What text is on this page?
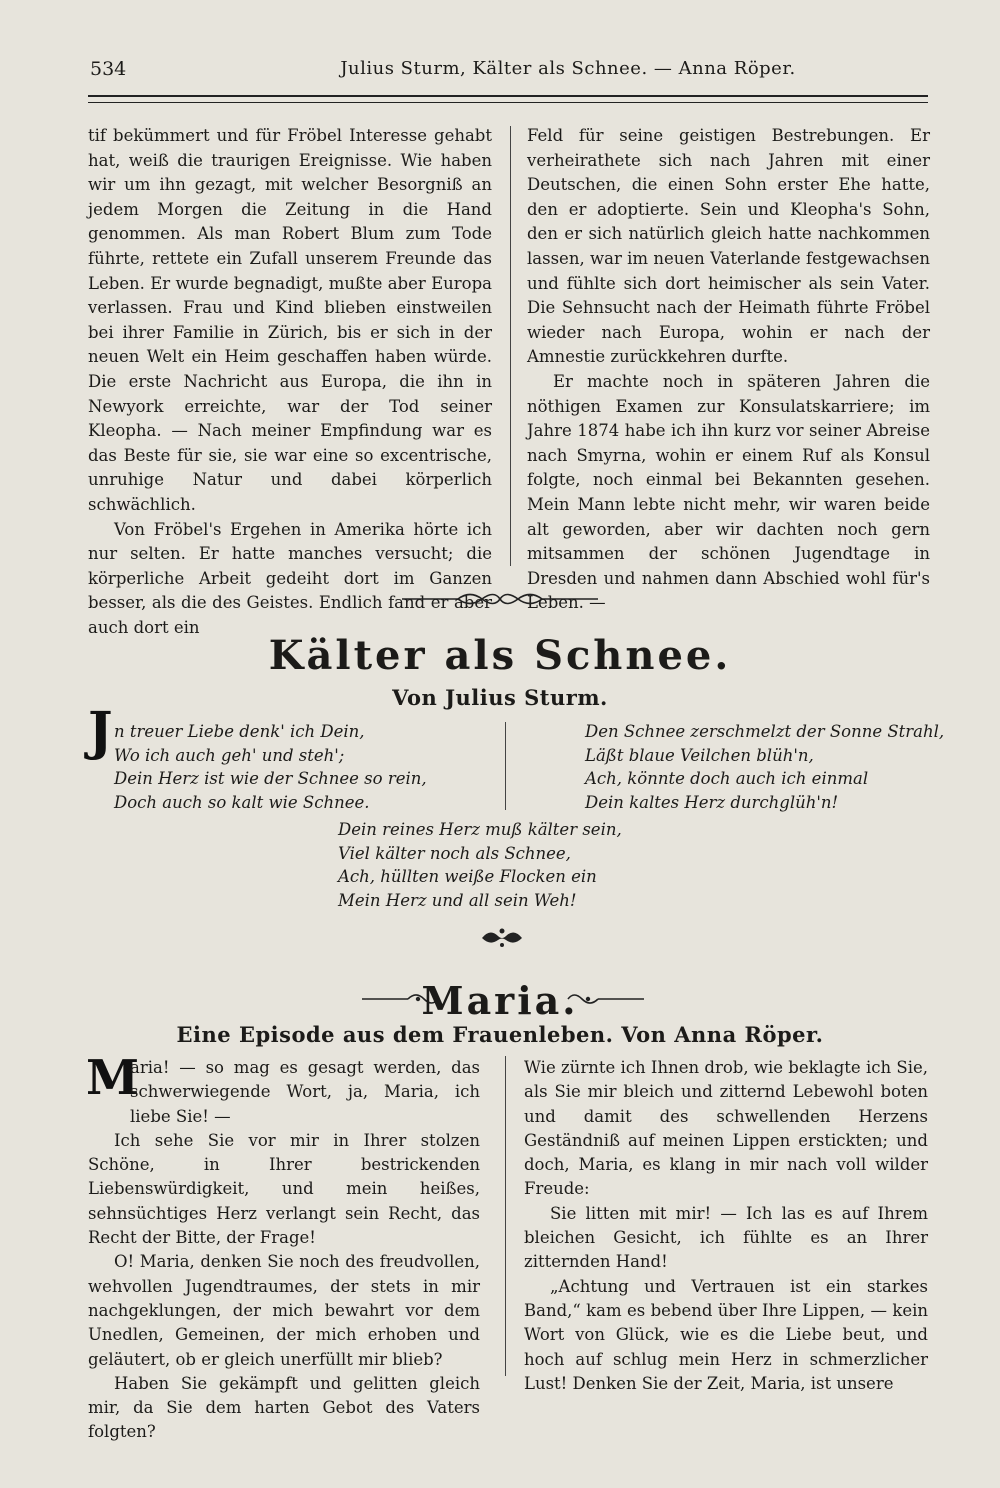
534	Julius Sturm, Kälter als Schnee. — Anna Röper.

tif bekümmert und für Fröbel Interesse gehabt hat, weiß die traurigen Ereignisse. Wie haben wir um ihn gezagt, mit welcher Besorgniß an jedem Morgen die Zeitung in die Hand genommen. Als man Robert Blum zum Tode führte, rettete ein Zufall unserem Freunde das Leben. Er wurde begnadigt, mußte aber Europa verlassen. Frau und Kind blieben einstweilen bei ihrer Familie in Zürich, bis er sich in der neuen Welt ein Heim geschaffen haben würde. Die erste Nachricht aus Europa, die ihn in Newyork erreichte, war der Tod seiner Kleopha. — Nach meiner Empfindung war es das Beste für sie, sie war eine so excentrische, unruhige Natur und dabei körperlich schwächlich.

Von Fröbel's Ergehen in Amerika hörte ich nur selten. Er hatte manches versucht; die körperliche Arbeit gedeiht dort im Ganzen besser, als die des Geistes. Endlich fand er aber auch dort ein

Feld für seine geistigen Bestrebungen. Er verheirathete sich nach Jahren mit einer Deutschen, die einen Sohn erster Ehe hatte, den er adoptierte. Sein und Kleopha's Sohn, den er sich natürlich gleich hatte nachkommen lassen, war im neuen Vaterlande festgewachsen und fühlte sich dort heimischer als sein Vater. Die Sehnsucht nach der Heimath führte Fröbel wieder nach Europa, wohin er nach der Amnestie zurückkehren durfte.

Er machte noch in späteren Jahren die nöthigen Examen zur Konsulatskarriere; im Jahre 1874 habe ich ihn kurz vor seiner Abreise nach Smyrna, wohin er einem Ruf als Konsul folgte, noch einmal bei Bekannten gesehen. Mein Mann lebte nicht mehr, wir waren beide alt geworden, aber wir dachten noch gern mitsammen der schönen Jugendtage in Dresden und nahmen dann Abschied wohl für's Leben. —

Kälter als Schnee.
Von Julius Sturm.
J n treuer Liebe denk' ich Dein,
Wo ich auch geh' und steh';
Dein Herz ist wie der Schnee so rein,
Doch auch so kalt wie Schnee.
Den Schnee zerschmelzt der Sonne Strahl,
Läßt blaue Veilchen blüh'n,
Ach, könnte doch auch ich einmal
Dein kaltes Herz durchglüh'n!
Dein reines Herz muß kälter sein,
Viel kälter noch als Schnee,
Ach, hüllten weiße Flocken ein
Mein Herz und all sein Weh!
Maria.
Eine Episode aus dem Frauenleben. Von Anna Röper.
M

aria! — so mag es gesagt werden, das schwerwiegende Wort, ja, Maria, ich liebe Sie! —

Ich sehe Sie vor mir in Ihrer stolzen Schöne, in Ihrer bestrickenden Liebenswürdigkeit, und mein heißes, sehnsüchtiges Herz verlangt sein Recht, das Recht der Bitte, der Frage!

O! Maria, denken Sie noch des freudvollen, wehvollen Jugendtraumes, der stets in mir nachgeklungen, der mich bewahrt vor dem Unedlen, Gemeinen, der mich erhoben und geläutert, ob er gleich unerfüllt mir blieb?

Haben Sie gekämpft und gelitten gleich mir, da Sie dem harten Gebot des Vaters folgten?

Wie zürnte ich Ihnen drob, wie beklagte ich Sie, als Sie mir bleich und zitternd Lebewohl boten und damit des schwellenden Herzens Geständniß auf meinen Lippen erstickten; und doch, Maria, es klang in mir nach voll wilder Freude:

Sie litten mit mir! — Ich las es auf Ihrem bleichen Gesicht, ich fühlte es an Ihrer zitternden Hand!

„Achtung und Vertrauen ist ein starkes Band,“ kam es bebend über Ihre Lippen, — kein Wort von Glück, wie es die Liebe beut, und hoch auf schlug mein Herz in schmerzlicher Lust! Denken Sie der Zeit, Maria, ist unsere
